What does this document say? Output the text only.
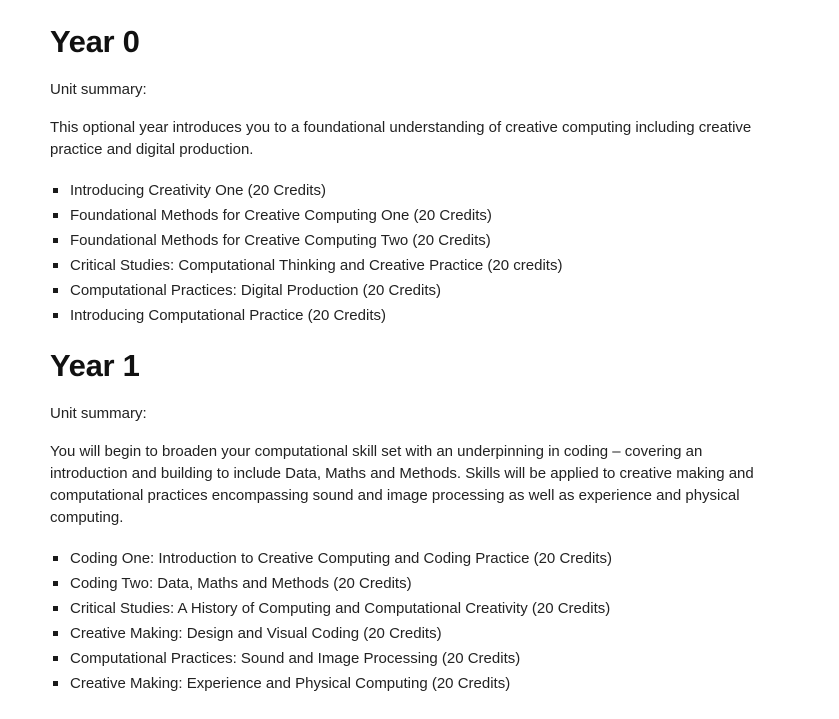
Year 0

Unit summary:

This optional year introduces you to a foundational understanding of creative computing including creative practice and digital production.

Introducing Creativity One (20 Credits)
Foundational Methods for Creative Computing One (20 Credits)
Foundational Methods for Creative Computing Two (20 Credits)
Critical Studies: Computational Thinking and Creative Practice (20 credits)
Computational Practices: Digital Production (20 Credits)
Introducing Computational Practice (20 Credits)
Year 1

Unit summary:

You will begin to broaden your computational skill set with an underpinning in coding – covering an introduction and building to include Data, Maths and Methods. Skills will be applied to creative making and computational practices encompassing sound and image processing as well as experience and physical computing.

Coding One: Introduction to Creative Computing and Coding Practice (20 Credits)
Coding Two: Data, Maths and Methods (20 Credits)
Critical Studies: A History of Computing and Computational Creativity (20 Credits)
Creative Making: Design and Visual Coding (20 Credits)
Computational Practices: Sound and Image Processing (20 Credits)
Creative Making: Experience and Physical Computing (20 Credits)
